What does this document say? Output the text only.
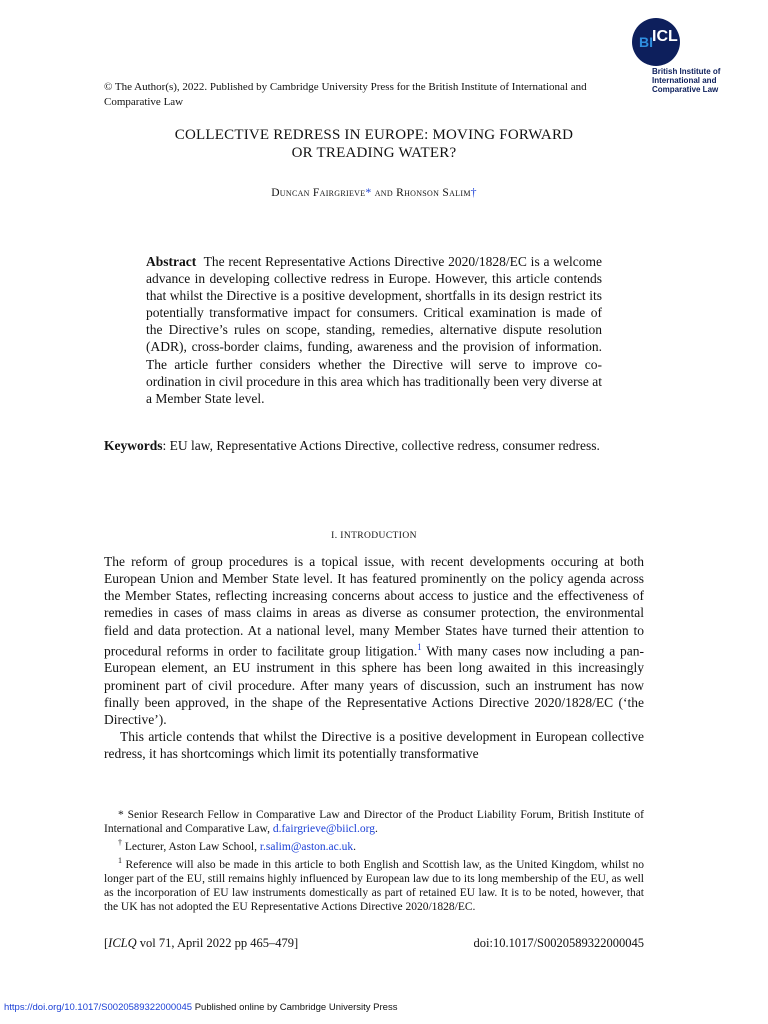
© The Author(s), 2022. Published by Cambridge University Press for the British Institute of International and Comparative Law
BI ICL
British Institute of
International and
Comparative Law
COLLECTIVE REDRESS IN EUROPE: MOVING FORWARD
OR TREADING WATER?
Duncan Fairgrieve* and Rhonson Salim†
Abstract The recent Representative Actions Directive 2020/1828/EC is a welcome advance in developing collective redress in Europe. However, this article contends that whilst the Directive is a positive development, shortfalls in its design restrict its potentially transformative impact for consumers. Critical examination is made of the Directive’s rules on scope, standing, remedies, alternative dispute resolution (ADR), cross-border claims, funding, awareness and the provision of information. The article further considers whether the Directive will serve to improve co-ordination in civil procedure in this area which has traditionally been very diverse at a Member State level.
Keywords: EU law, Representative Actions Directive, collective redress, consumer redress.
I. INTRODUCTION

The reform of group procedures is a topical issue, with recent developments occuring at both European Union and Member State level. It has featured prominently on the policy agenda across the Member States, reflecting increasing concerns about access to justice and the effectiveness of remedies in cases of mass claims in areas as diverse as consumer protection, the environmental field and data protection. At a national level, many Member States have turned their attention to procedural reforms in order to facilitate group litigation.$^1$ With many cases now including a pan-European element, an EU instrument in this sphere has been long awaited in this increasingly prominent part of civil procedure. After many years of discussion, such an instrument has now finally been approved, in the shape of the Representative Actions Directive 2020/1828/EC (‘the Directive’).

This article contends that whilst the Directive is a positive development in European collective redress, it has shortcomings which limit its potentially transformative

* Senior Research Fellow in Comparative Law and Director of the Product Liability Forum, British Institute of International and Comparative Law, d.fairgrieve@biicl.org.

† Lecturer, Aston Law School, r.salim@aston.ac.uk.

$^1$ Reference will also be made in this article to both English and Scottish law, as the United Kingdom, whilst no longer part of the EU, still remains highly influenced by European law due to its long membership of the EU, as well as the incorporation of EU law instruments domestically as part of retained EU law. It is to be noted, however, that the UK has not adopted the EU Representative Actions Directive 2020/1828/EC.

[ICLQ vol 71, April 2022 pp 465–479]	doi:10.1017/S0020589322000045
https://doi.org/10.1017/S0020589322000045 Published online by Cambridge University Press
